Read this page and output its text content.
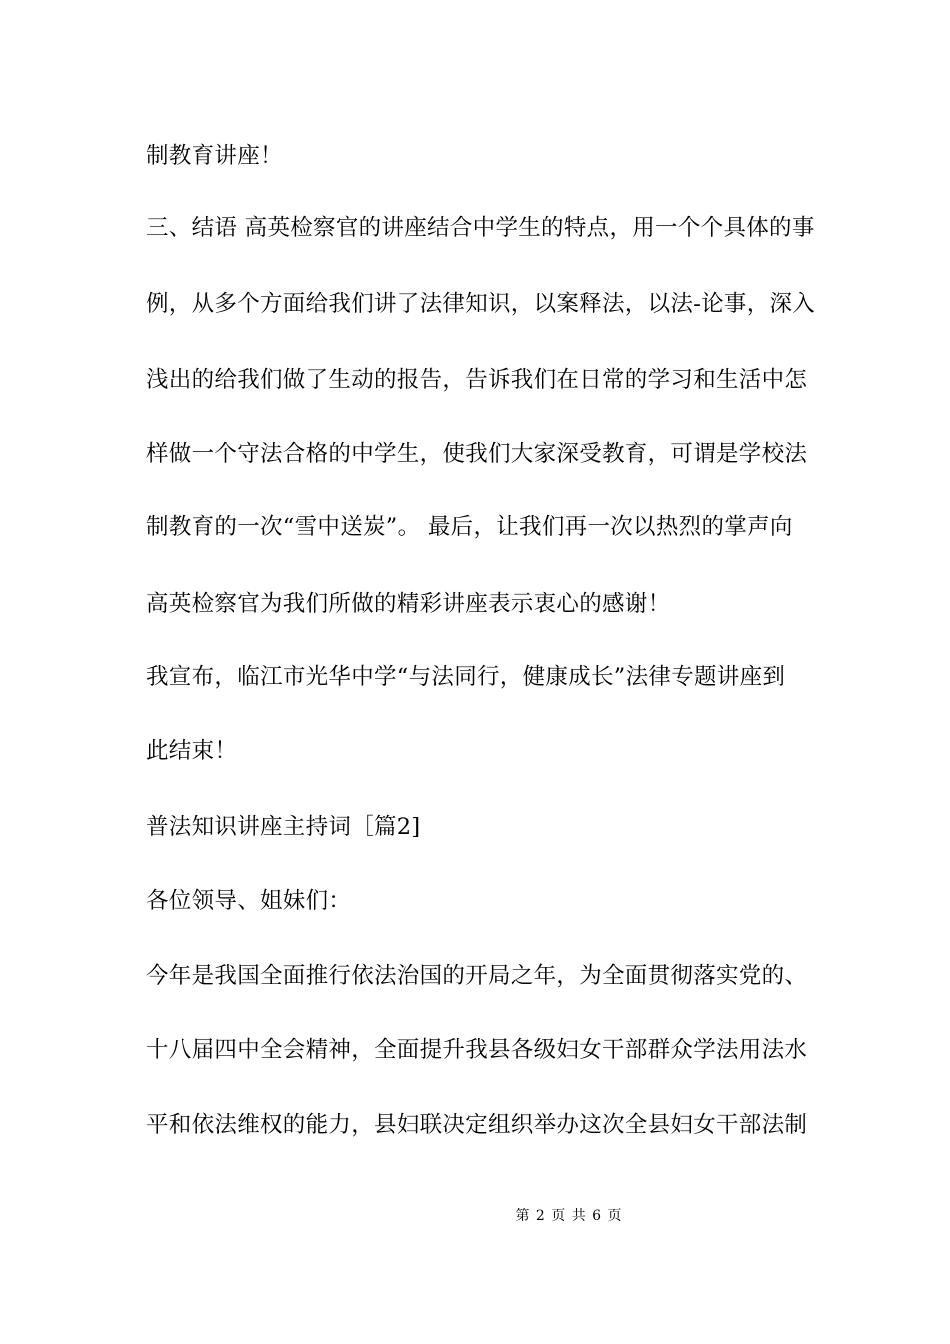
制教育讲座！
三、结语 高英检察官的讲座结合中学生的特点，用一个个具体的事
例，从多个方面给我们讲了法律知识，以案释法，以法-论事，深入
浅出的给我们做了生动的报告，告诉我们在日常的学习和生活中怎
样做一个守法合格的中学生，使我们大家深受教育，可谓是学校法
制教育的一次“雪中送炭”。 最后，让我们再一次以热烈的掌声向
高英检察官为我们所做的精彩讲座表示衷心的感谢！
我宣布，临江市光华中学“与法同行，健康成长”法律专题讲座到
此结束！
普法知识讲座主持词［篇2]
各位领导、姐妹们：
今年是我国全面推行依法治国的开局之年，为全面贯彻落实党的、
十八届四中全会精神，全面提升我县各级妇女干部群众学法用法水
平和依法维权的能力，县妇联决定组织举办这次全县妇女干部法制
第 2 页 共 6 页
